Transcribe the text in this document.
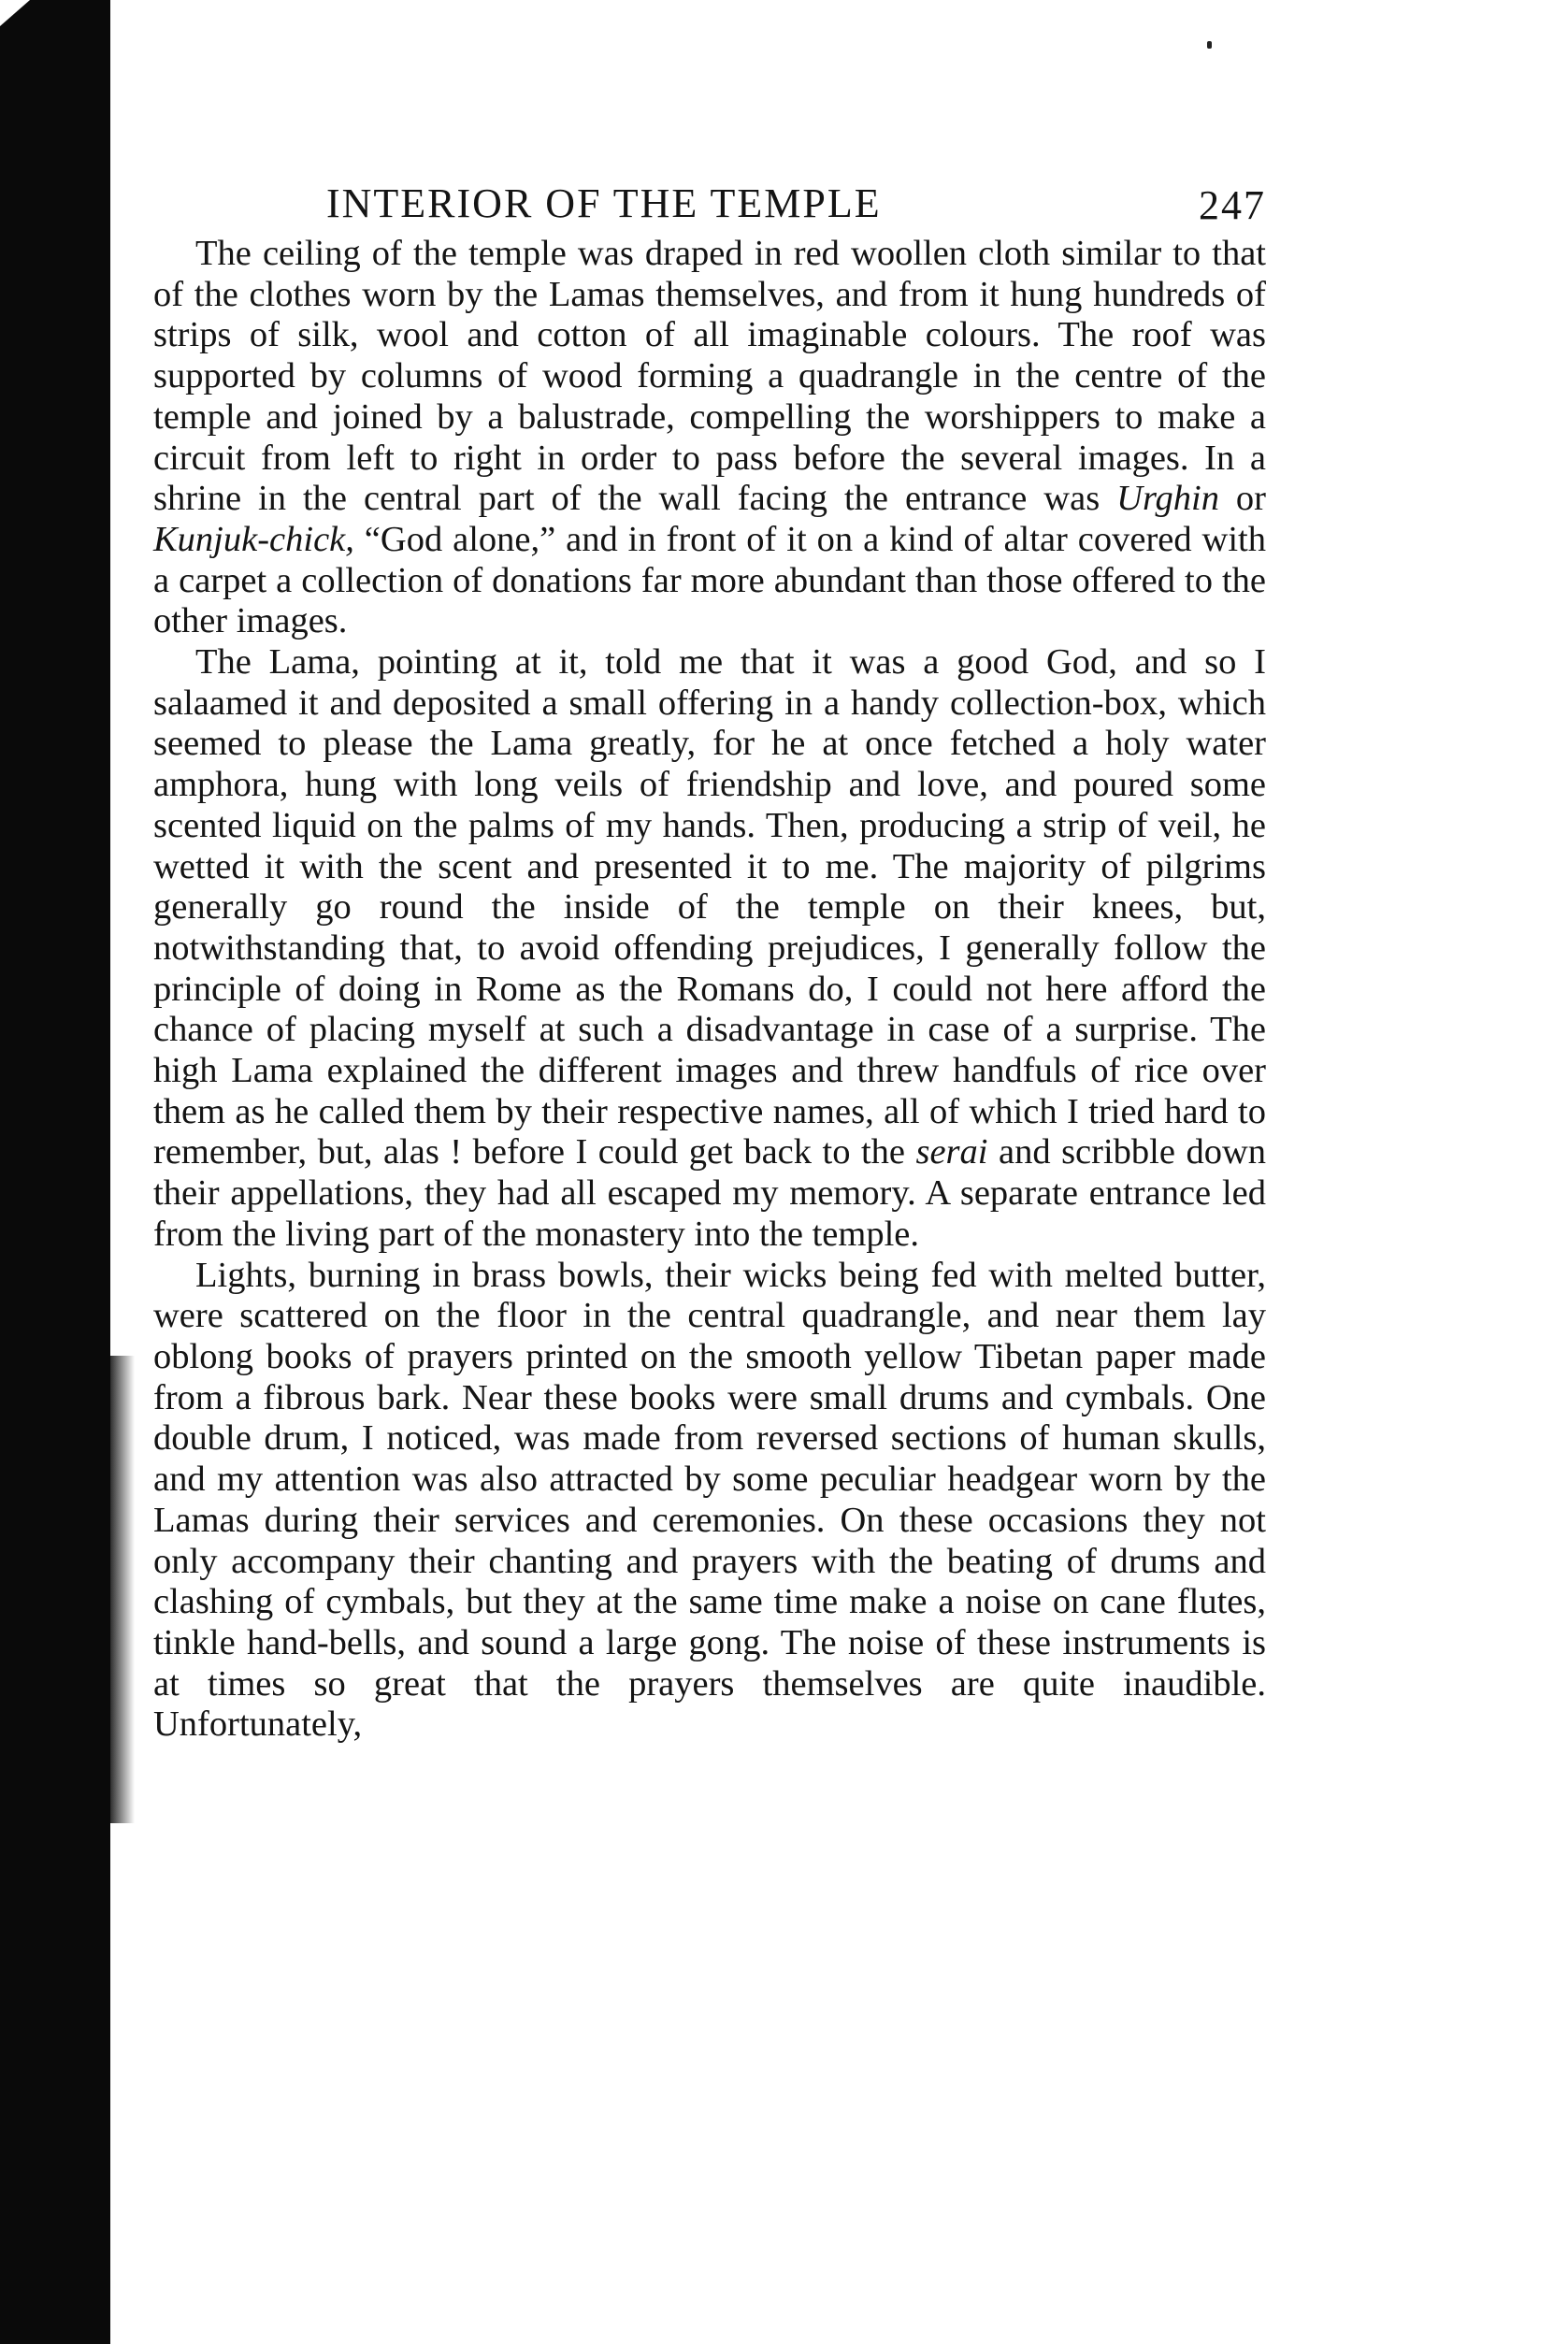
INTERIOR OF THE TEMPLE	247

The ceiling of the temple was draped in red woollen cloth similar to that of the clothes worn by the Lamas themselves, and from it hung hundreds of strips of silk, wool and cotton of all imaginable colours. The roof was supported by columns of wood forming a quadrangle in the centre of the temple and joined by a balustrade, compelling the worshippers to make a circuit from left to right in order to pass before the several images. In a shrine in the central part of the wall facing the entrance was Urghin or Kunjuk-chick, “God alone,” and in front of it on a kind of altar covered with a carpet a collection of donations far more abundant than those offered to the other images.

The Lama, pointing at it, told me that it was a good God, and so I salaamed it and deposited a small offering in a handy collection-box, which seemed to please the Lama greatly, for he at once fetched a holy water amphora, hung with long veils of friendship and love, and poured some scented liquid on the palms of my hands. Then, producing a strip of veil, he wetted it with the scent and presented it to me. The majority of pilgrims generally go round the inside of the temple on their knees, but, notwithstanding that, to avoid offending prejudices, I generally follow the principle of doing in Rome as the Romans do, I could not here afford the chance of placing myself at such a disadvantage in case of a surprise. The high Lama explained the different images and threw handfuls of rice over them as he called them by their respective names, all of which I tried hard to remember, but, alas ! before I could get back to the serai and scribble down their appellations, they had all escaped my memory. A separate entrance led from the living part of the monastery into the temple.

Lights, burning in brass bowls, their wicks being fed with melted butter, were scattered on the floor in the central quadrangle, and near them lay oblong books of prayers printed on the smooth yellow Tibetan paper made from a fibrous bark. Near these books were small drums and cymbals. One double drum, I noticed, was made from reversed sections of human skulls, and my attention was also attracted by some peculiar headgear worn by the Lamas during their services and ceremonies. On these occasions they not only accompany their chanting and prayers with the beating of drums and clashing of cymbals, but they at the same time make a noise on cane flutes, tinkle hand-bells, and sound a large gong. The noise of these instruments is at times so great that the prayers themselves are quite inaudible. Unfortunately,
